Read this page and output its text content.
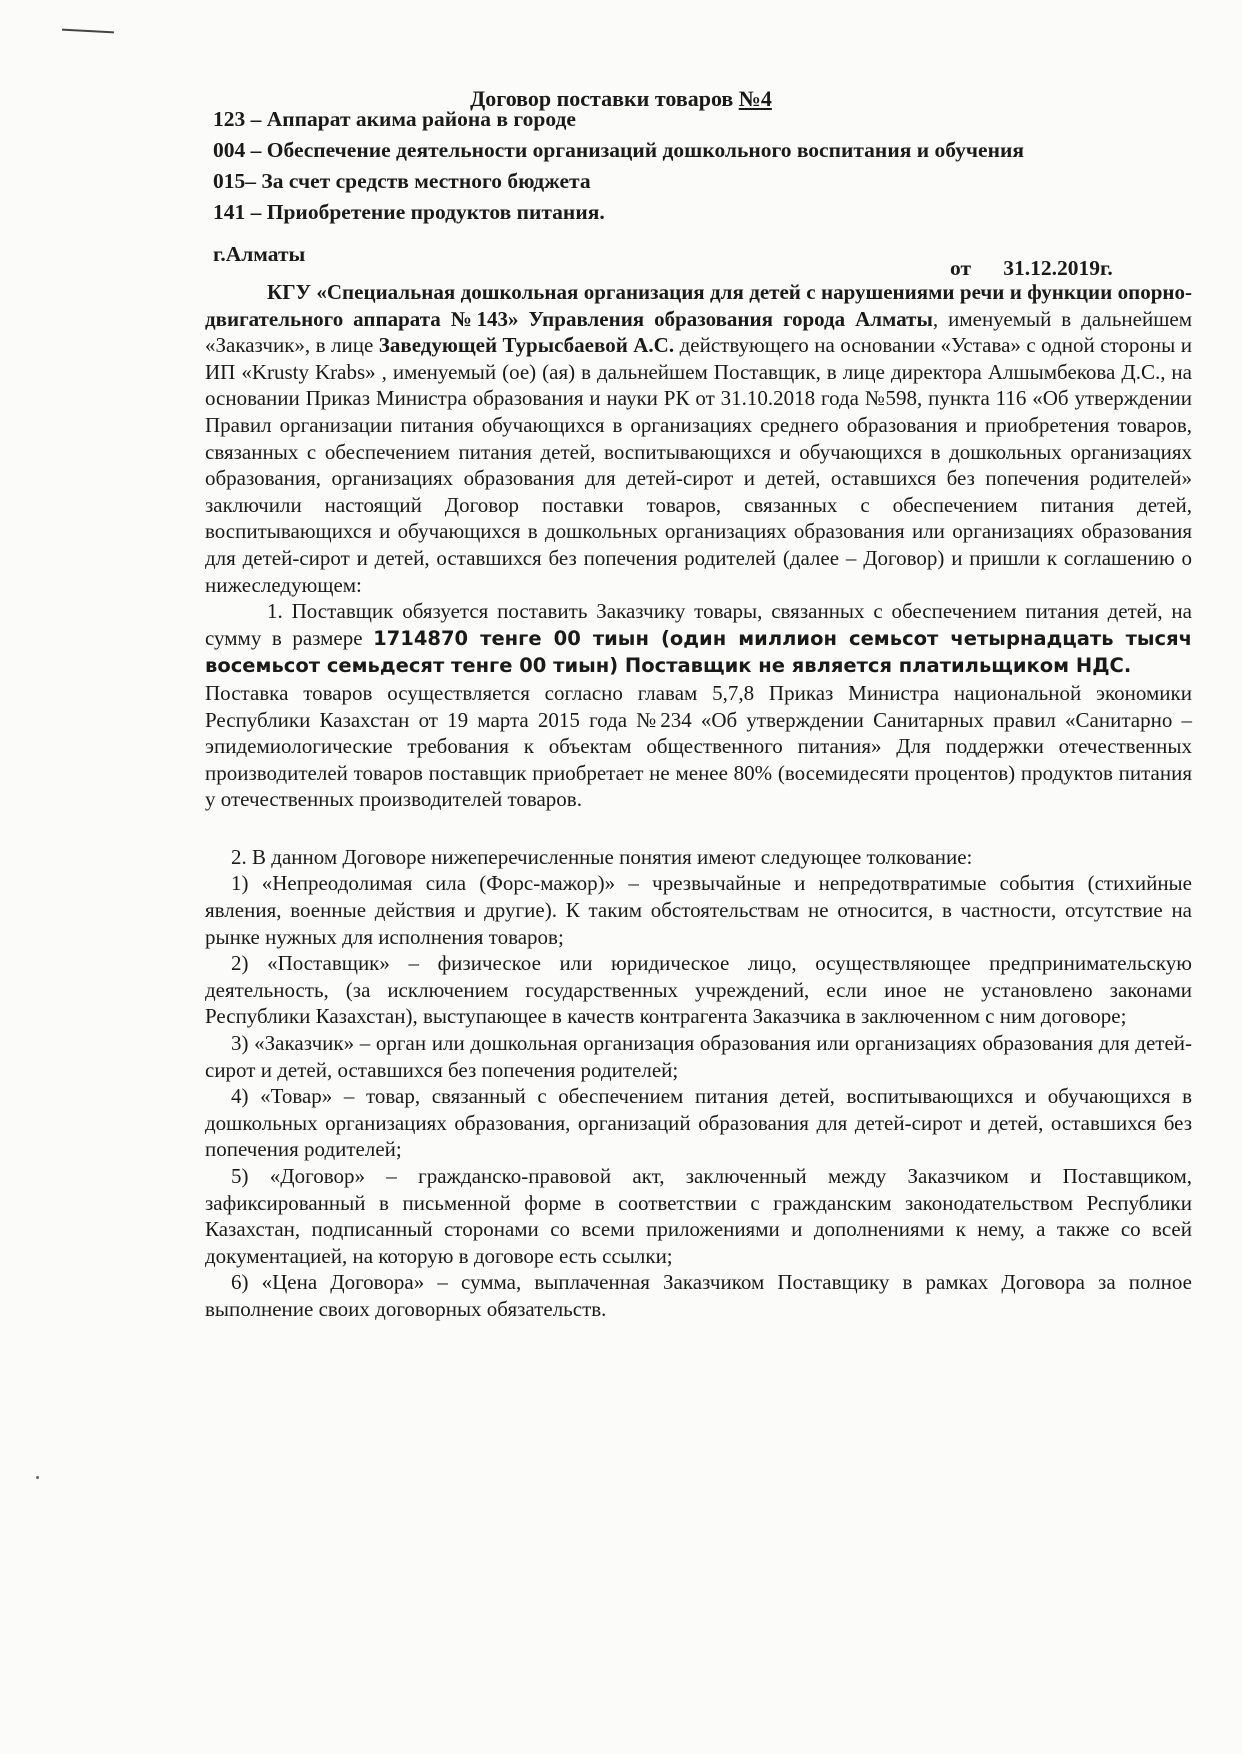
Договор поставки товаров №4
123 – Аппарат акима района в городе
004 – Обеспечение деятельности организаций дошкольного воспитания и обучения
015– За счет средств местного бюджета
141 – Приобретение продуктов питания.
г.Алматы
от      31.12.2019г.

КГУ «Специальная дошкольная организация для детей с нарушениями речи и функции опорно- двигательного аппарата №143» Управления образования города Алматы, именуемый в дальнейшем «Заказчик», в лице Заведующей Турысбаевой А.С. действующего на основании «Устава» с одной стороны и ИП «Krusty Krabs» , именуемый (ое) (ая) в дальнейшем Поставщик, в лице директора Алшымбекова Д.С., на основании Приказ Министра образования и науки РК от 31.10.2018 года №598, пункта 116 «Об утверждении Правил организации питания обучающихся в организациях среднего образования и приобретения товаров, связанных с обеспечением питания детей, воспитывающихся и обучающихся в дошкольных организациях образования, организациях образования для детей-сирот и детей, оставшихся без попечения родителей» заключили настоящий Договор поставки товаров, связанных с обеспечением питания детей, воспитывающихся и обучающихся в дошкольных организациях образования или организациях образования для детей-сирот и детей, оставшихся без попечения родителей (далее – Договор) и пришли к соглашению о нижеследующем:

1. Поставщик обязуется поставить Заказчику товары, связанных с обеспечением питания детей, на сумму в размере 1714870 тенге 00 тиын (один миллион семьсот четырнадцать тысяч восемьсот семьдесят тенге 00 тиын) Поставщик не является платильщиком НДС.

Поставка товаров осуществляется согласно главам 5,7,8 Приказ Министра национальной экономики Республики Казахстан от 19 марта 2015 года №234 «Об утверждении Санитарных правил «Санитарно –эпидемиологические требования к объектам общественного питания» Для поддержки отечественных производителей товаров поставщик приобретает не менее 80% (восемидесяти процентов) продуктов питания у отечественных производителей товаров.

2. В данном Договоре нижеперечисленные понятия имеют следующее толкование:

1) «Непреодолимая сила (Форс-мажор)» – чрезвычайные и непредотвратимые события (стихийные явления, военные действия и другие). К таким обстоятельствам не относится, в частности, отсутствие на рынке нужных для исполнения товаров;

2) «Поставщик» – физическое или юридическое лицо, осуществляющее предпринимательскую деятельность, (за исключением государственных учреждений, если иное не установлено законами Республики Казахстан), выступающее в качеств контрагента Заказчика в заключенном с ним договоре;

3) «Заказчик» – орган или дошкольная организация образования или организациях образования для детей-сирот и детей, оставшихся без попечения родителей;

4) «Товар» – товар, связанный с обеспечением питания детей, воспитывающихся и обучающихся в дошкольных организациях образования, организаций образования для детей-сирот и детей, оставшихся без попечения родителей;

5) «Договор» – гражданско-правовой акт, заключенный между Заказчиком и Поставщиком, зафиксированный в письменной форме в соответствии с гражданским законодательством Республики Казахстан, подписанный сторонами со всеми приложениями и дополнениями к нему, а также со всей документацией, на которую в договоре есть ссылки;

6) «Цена Договора» – сумма, выплаченная Заказчиком Поставщику в рамках Договора за полное выполнение своих договорных обязательств.
